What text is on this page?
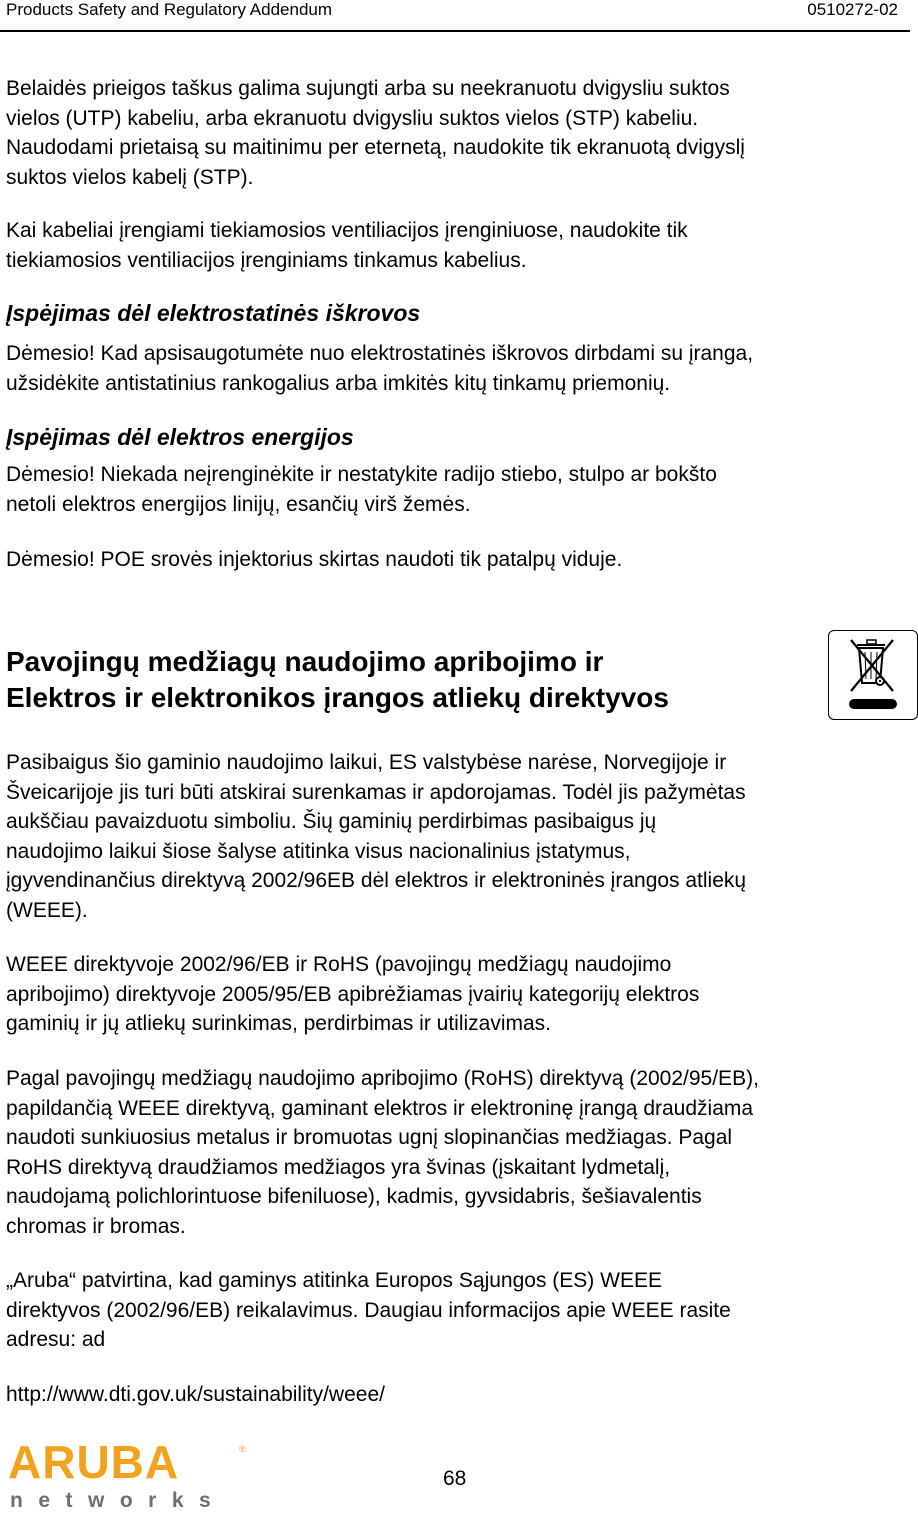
Products Safety and Regulatory Addendum	0510272-02

Belaidės prieigos taškus galima sujungti arba su neekranuotu dvigysliu suktos

vielos (UTP) kabeliu, arba ekranuotu dvigysliu suktos vielos (STP) kabeliu.

Naudodami prietaisą su maitinimu per eternetą, naudokite tik ekranuotą dvigyslį

suktos vielos kabelį (STP).

Kai kabeliai įrengiami tiekiamosios ventiliacijos įrenginiuose, naudokite tik

tiekiamosios ventiliacijos įrenginiams tinkamus kabelius.

Įspėjimas dėl elektrostatinės iškrovos

Dėmesio! Kad apsisaugotumėte nuo elektrostatinės iškrovos dirbdami su įranga,

užsidėkite antistatinius rankogalius arba imkitės kitų tinkamų priemonių.

Įspėjimas dėl elektros energijos

Dėmesio! Niekada neįrenginėkite ir nestatykite radijo stiebo, stulpo ar bokšto

netoli elektros energijos linijų, esančių virš žemės.

Dėmesio! POE srovės injektorius skirtas naudoti tik patalpų viduje.

Pavojingų medžiagų naudojimo apribojimo ir
Elektros ir elektronikos įrangos atliekų direktyvos

Pasibaigus šio gaminio naudojimo laikui, ES valstybėse narėse, Norvegijoje ir

Šveicarijoje jis turi būti atskirai surenkamas ir apdorojamas. Todėl jis pažymėtas

aukščiau pavaizduotu simboliu. Šių gaminių perdirbimas pasibaigus jų

naudojimo laikui šiose šalyse atitinka visus nacionalinius įstatymus,

įgyvendinančius direktyvą 2002/96EB dėl elektros ir elektroninės įrangos atliekų

(WEEE).

WEEE direktyvoje 2002/96/EB ir RoHS (pavojingų medžiagų naudojimo

apribojimo) direktyvoje 2005/95/EB apibrėžiamas įvairių kategorijų elektros

gaminių ir jų atliekų surinkimas, perdirbimas ir utilizavimas.

Pagal pavojingų medžiagų naudojimo apribojimo (RoHS) direktyvą (2002/95/EB),

papildančią WEEE direktyvą, gaminant elektros ir elektroninę įrangą draudžiama

naudoti sunkiuosius metalus ir bromuotas ugnį slopinančias medžiagas. Pagal

RoHS direktyvą draudžiamos medžiagos yra švinas (įskaitant lydmetalį,

naudojamą polichlorintuose bifeniluose), kadmis, gyvsidabris, šešiavalentis

chromas ir bromas.

„Aruba“ patvirtina, kad gaminys atitinka Europos Sąjungos (ES) WEEE

direktyvos (2002/96/EB) reikalavimus. Daugiau informacijos apie WEEE rasite

adresu: ad

http://www.dti.gov.uk/sustainability/weee/

ARUBA	®
networks
68
